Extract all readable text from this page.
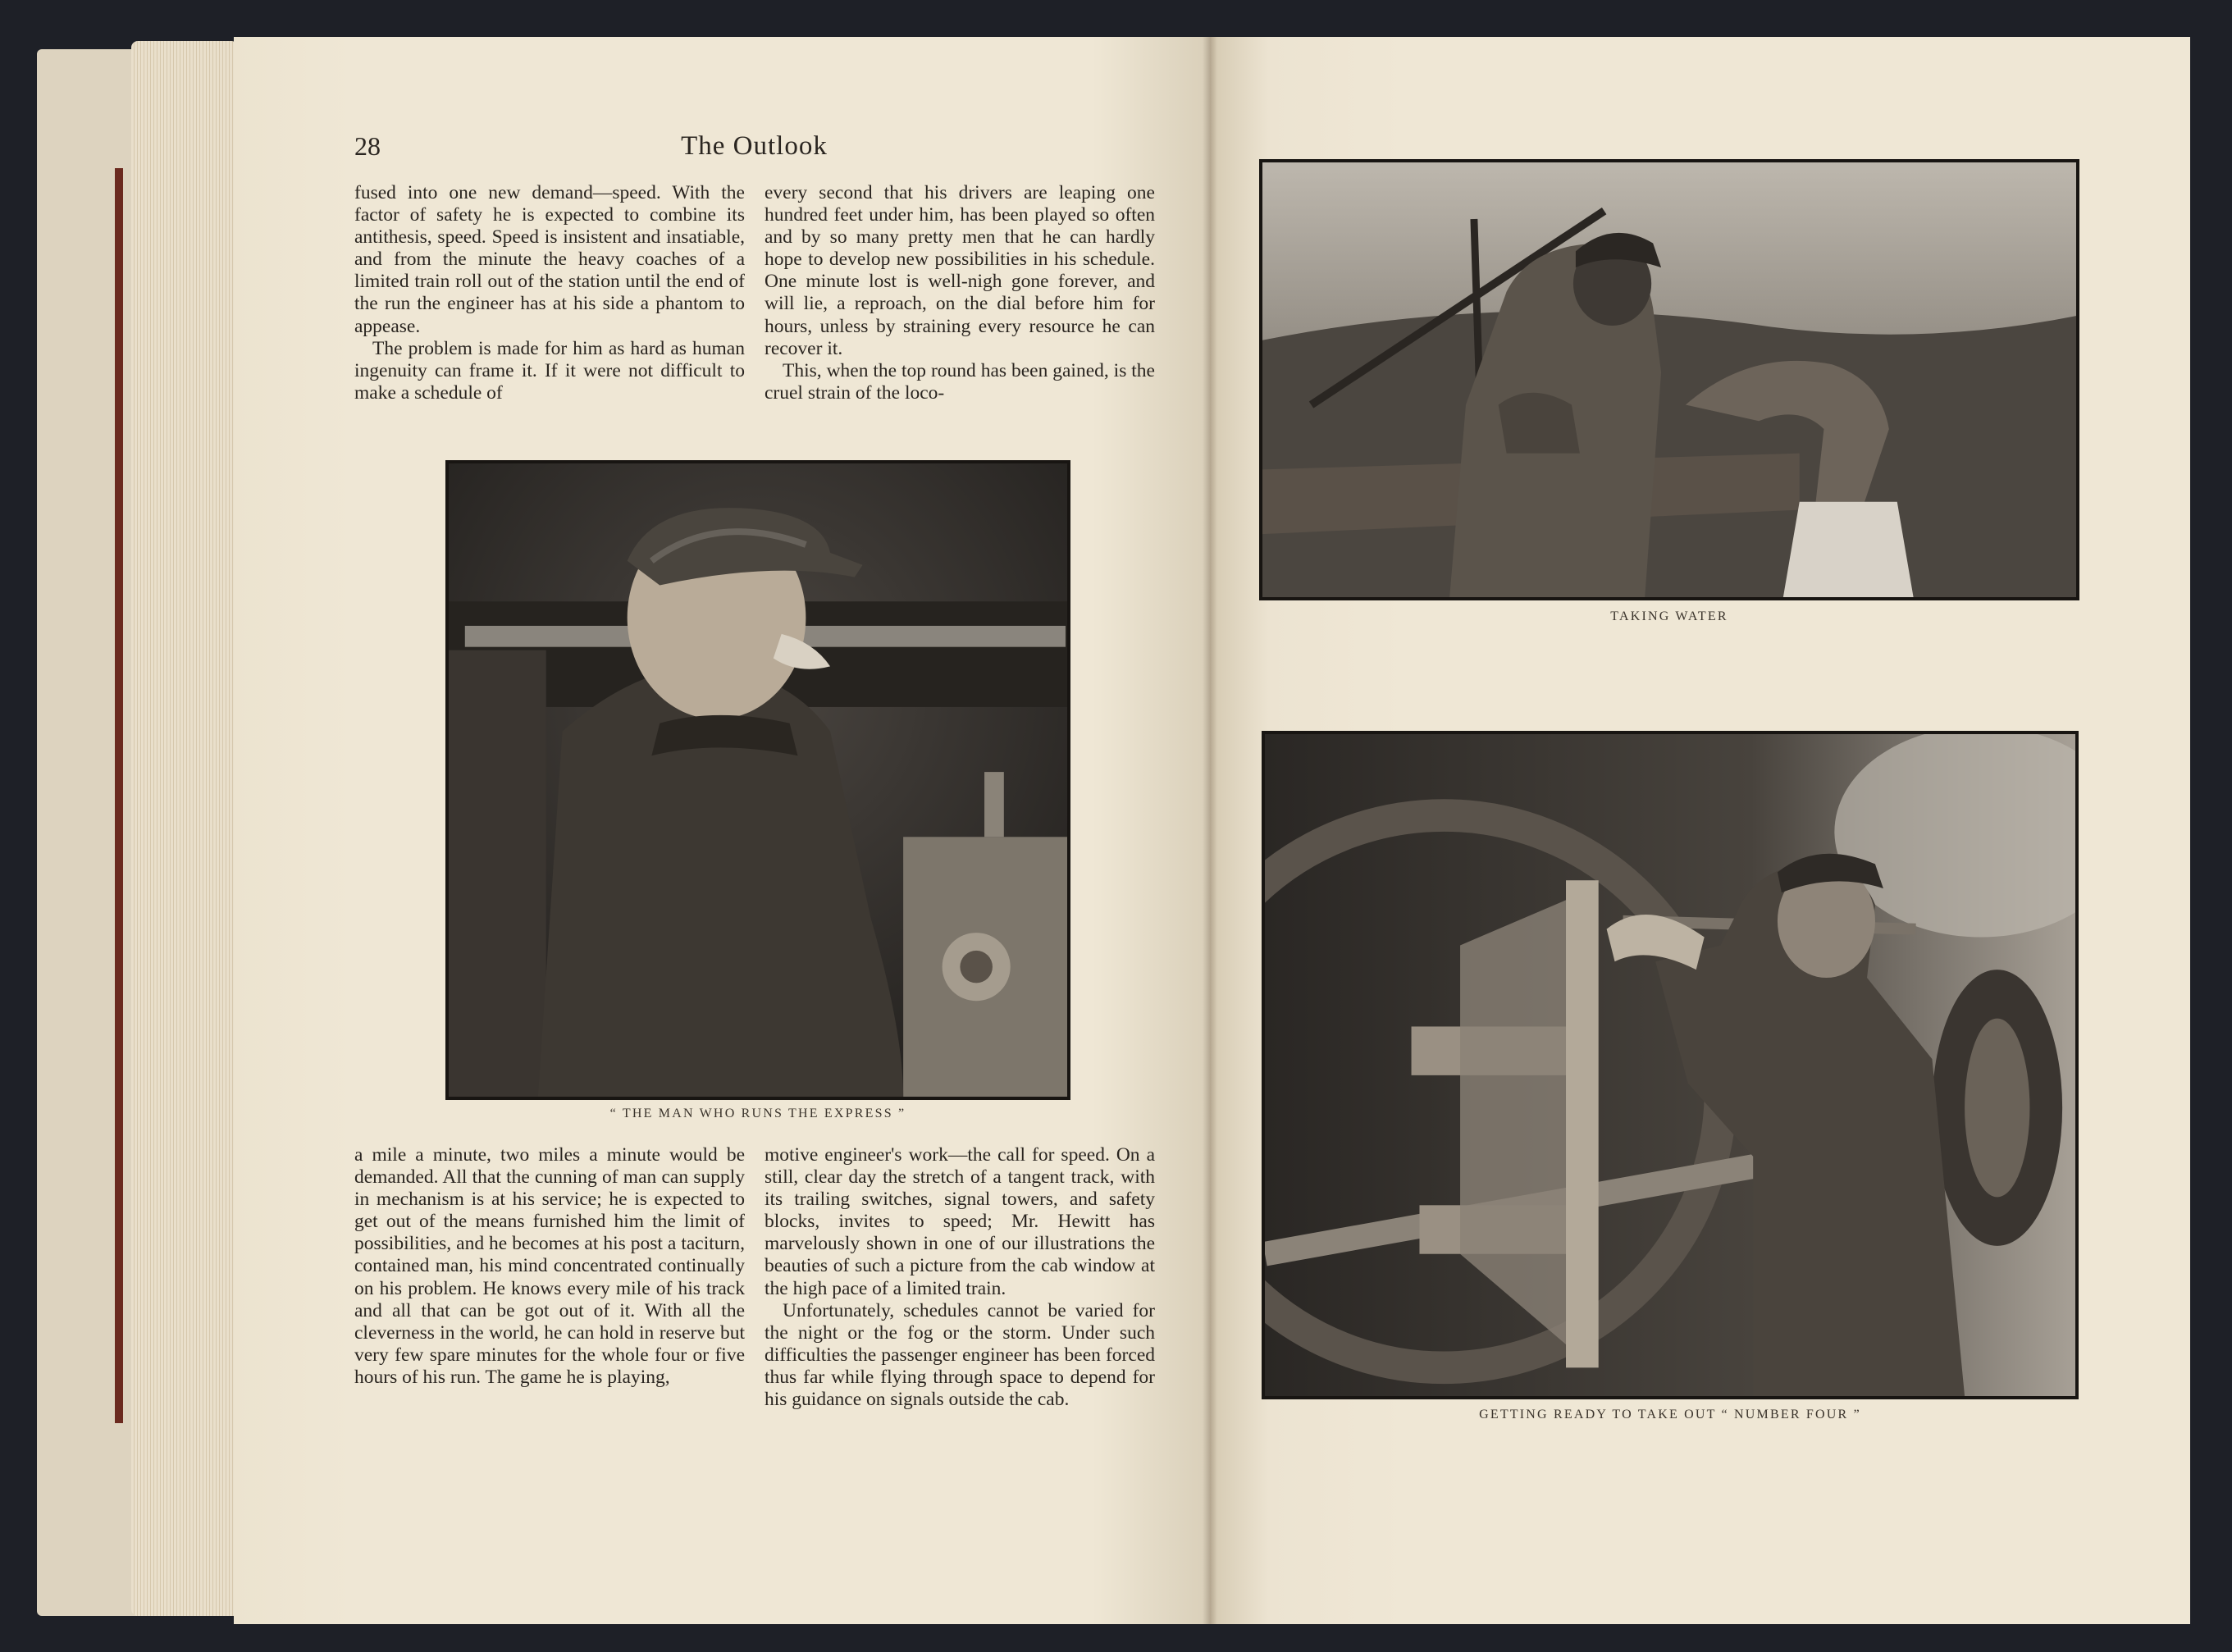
28	The Outlook

fused into one new demand—speed. With the factor of safety he is expected to combine its antithesis, speed. Speed is insistent and insatiable, and from the minute the heavy coaches of a limited train roll out of the station until the end of the run the engineer has at his side a phantom to appease.

The problem is made for him as hard as human ingenuity can frame it. If it were not difficult to make a schedule of

every second that his drivers are leaping one hundred feet under him, has been played so often and by so many pretty men that he can hardly hope to develop new possibilities in his schedule. One minute lost is well-nigh gone forever, and will lie, a reproach, on the dial before him for hours, unless by straining every resource he can recover it.

This, when the top round has been gained, is the cruel strain of the loco-

“ THE MAN WHO RUNS THE EXPRESS ”

a mile a minute, two miles a minute would be demanded. All that the cunning of man can supply in mechanism is at his service; he is expected to get out of the means furnished him the limit of possibilities, and he becomes at his post a taciturn, contained man, his mind concentrated continually on his problem. He knows every mile of his track and all that can be got out of it. With all the cleverness in the world, he can hold in reserve but very few spare minutes for the whole four or five hours of his run. The game he is playing,

motive engineer's work—the call for speed. On a still, clear day the stretch of a tangent track, with its trailing switches, signal towers, and safety blocks, invites to speed; Mr. Hewitt has marvelously shown in one of our illustrations the beauties of such a picture from the cab window at the high pace of a limited train.

Unfortunately, schedules cannot be varied for the night or the fog or the storm. Under such difficulties the passenger engineer has been forced thus far while flying through space to depend for his guidance on signals outside the cab.

TAKING WATER
GETTING READY TO TAKE OUT “ NUMBER FOUR ”
